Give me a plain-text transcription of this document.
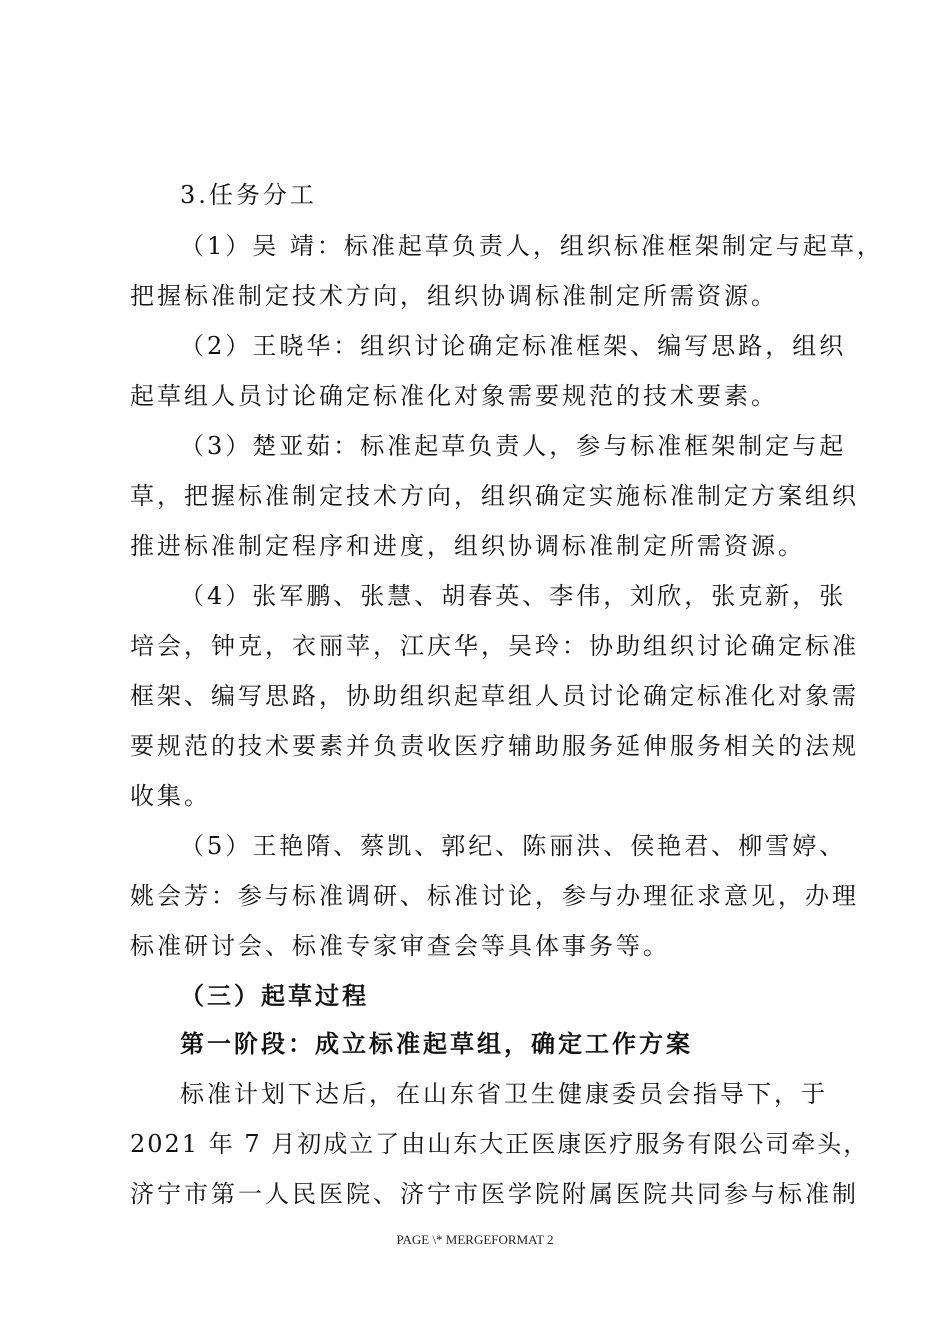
3.任务分工
（1）吴 靖：标准起草负责人，组织标准框架制定与起草，
把握标准制定技术方向，组织协调标准制定所需资源。
（2）王晓华：组织讨论确定标准框架、编写思路，组织
起草组人员讨论确定标准化对象需要规范的技术要素。
（3）楚亚茹：标准起草负责人，参与标准框架制定与起
草，把握标准制定技术方向，组织确定实施标准制定方案组织
推进标准制定程序和进度，组织协调标准制定所需资源。
（4）张军鹏、张慧、胡春英、李伟，刘欣，张克新，张
培会，钟克，衣丽苹，江庆华，吴玲：协助组织讨论确定标准
框架、编写思路，协助组织起草组人员讨论确定标准化对象需
要规范的技术要素并负责收医疗辅助服务延伸服务相关的法规
收集。
（5）王艳隋、蔡凯、郭纪、陈丽洪、侯艳君、柳雪婷、
姚会芳：参与标准调研、标准讨论，参与办理征求意见，办理
标准研讨会、标准专家审查会等具体事务等。
（三）起草过程
第一阶段：成立标准起草组，确定工作方案
标准计划下达后，在山东省卫生健康委员会指导下，于
2021 年 7 月初成立了由山东大正医康医疗服务有限公司牵头，
济宁市第一人民医院、济宁市医学院附属医院共同参与标准制
PAGE \* MERGEFORMAT 2
